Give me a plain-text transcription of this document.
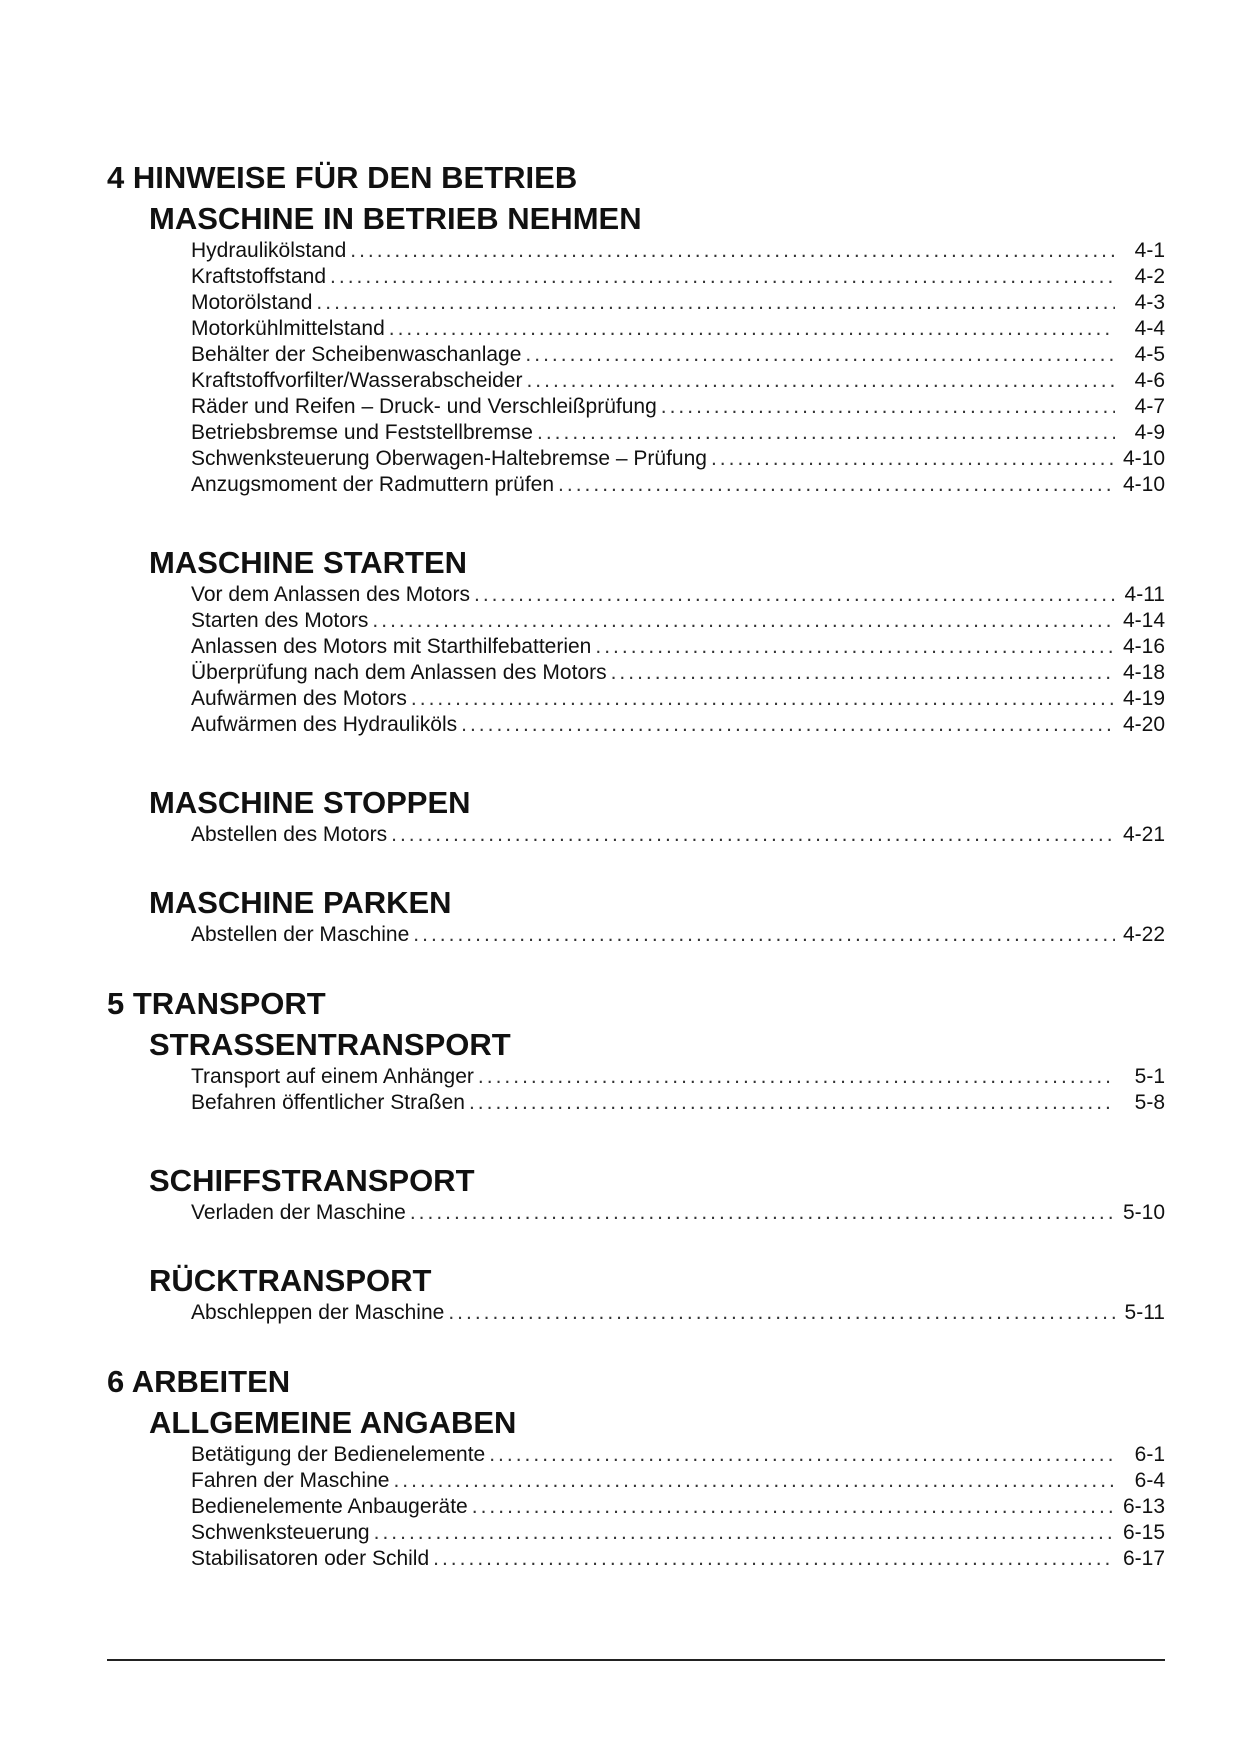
4 HINWEISE FÜR DEN BETRIEB
MASCHINE IN BETRIEB NEHMEN
Hydraulikölstand .....	4-1
Kraftstoffstand .....	4-2
Motorölstand .....	4-3
Motorkühlmittelstand .....	4-4
Behälter der Scheibenwaschanlage .....	4-5
Kraftstoffvorfilter/Wasserabscheider .....	4-6
Räder und Reifen – Druck- und Verschleißprüfung .....	4-7
Betriebsbremse und Feststellbremse .....	4-9
Schwenksteuerung Oberwagen-Haltebremse – Prüfung .....	4-10
Anzugsmoment der Radmuttern prüfen .....	4-10
MASCHINE STARTEN
Vor dem Anlassen des Motors .....	4-11
Starten des Motors .....	4-14
Anlassen des Motors mit Starthilfebatterien .....	4-16
Überprüfung nach dem Anlassen des Motors .....	4-18
Aufwärmen des Motors .....	4-19
Aufwärmen des Hydrauliköls .....	4-20
MASCHINE STOPPEN
Abstellen des Motors .....	4-21
MASCHINE PARKEN
Abstellen der Maschine .....	4-22
5 TRANSPORT
STRASSENTRANSPORT
Transport auf einem Anhänger .....	5-1
Befahren öffentlicher Straßen .....	5-8
SCHIFFSTRANSPORT
Verladen der Maschine .....	5-10
RÜCKTRANSPORT
Abschleppen der Maschine .....	5-11
6 ARBEITEN
ALLGEMEINE ANGABEN
Betätigung der Bedienelemente .....	6-1
Fahren der Maschine .....	6-4
Bedienelemente Anbaugeräte .....	6-13
Schwenksteuerung .....	6-15
Stabilisatoren oder Schild .....	6-17
